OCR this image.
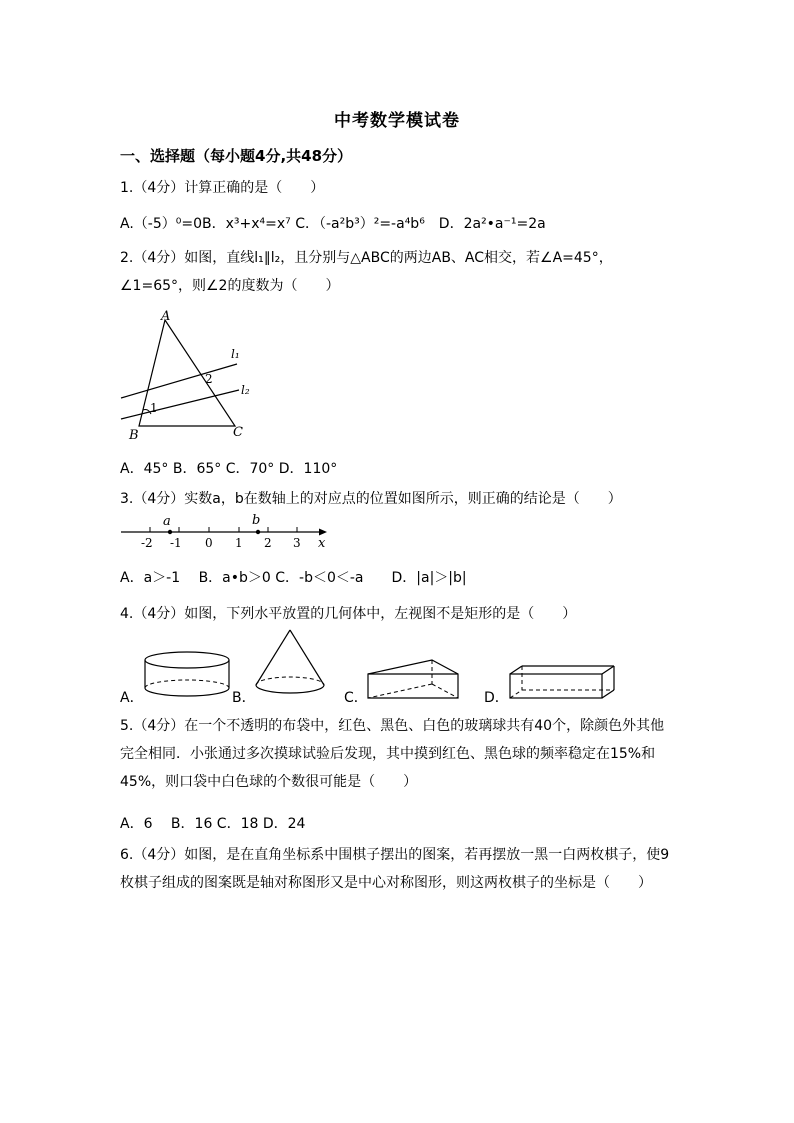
中考数学模试卷
一、选择题（每小题4分,共48分）
1.（4分）计算正确的是（　　）
A.（-5）⁰=0B．x³+x⁴=x⁷ C．（-a²b³）²=-a⁴b⁶　D．2a²•a⁻¹=2a
2.（4分）如图，直线l₁∥l₂，且分别与△ABC的两边AB、AC相交，若∠A=45°，∠1=65°，则∠2的度数为（　　）
A
B	C
l₁
l₂
1
2
A．45° B．65° C．70° D．110°
3.（4分）实数a，b在数轴上的对应点的位置如图所示，则正确的结论是（　　）
a	b
-2 -1 0 1 2 3 x
A．a＞-1　 B．a•b＞0 C．-b＜0＜-a　　D．|a|＞|b|
4.（4分）如图，下列水平放置的几何体中，左视图不是矩形的是（　　）
A．	B．	C．	D．
5.（4分）在一个不透明的布袋中，红色、黑色、白色的玻璃球共有40个，除颜色外其他完全相同．小张通过多次摸球试验后发现，其中摸到红色、黑色球的频率稳定在15%和45%，则口袋中白色球的个数很可能是（　　）
A．6　 B．16 C．18 D．24
6.（4分）如图，是在直角坐标系中围棋子摆出的图案，若再摆放一黑一白两枚棋子，使9枚棋子组成的图案既是轴对称图形又是中心对称图形，则这两枚棋子的坐标是（　　）
